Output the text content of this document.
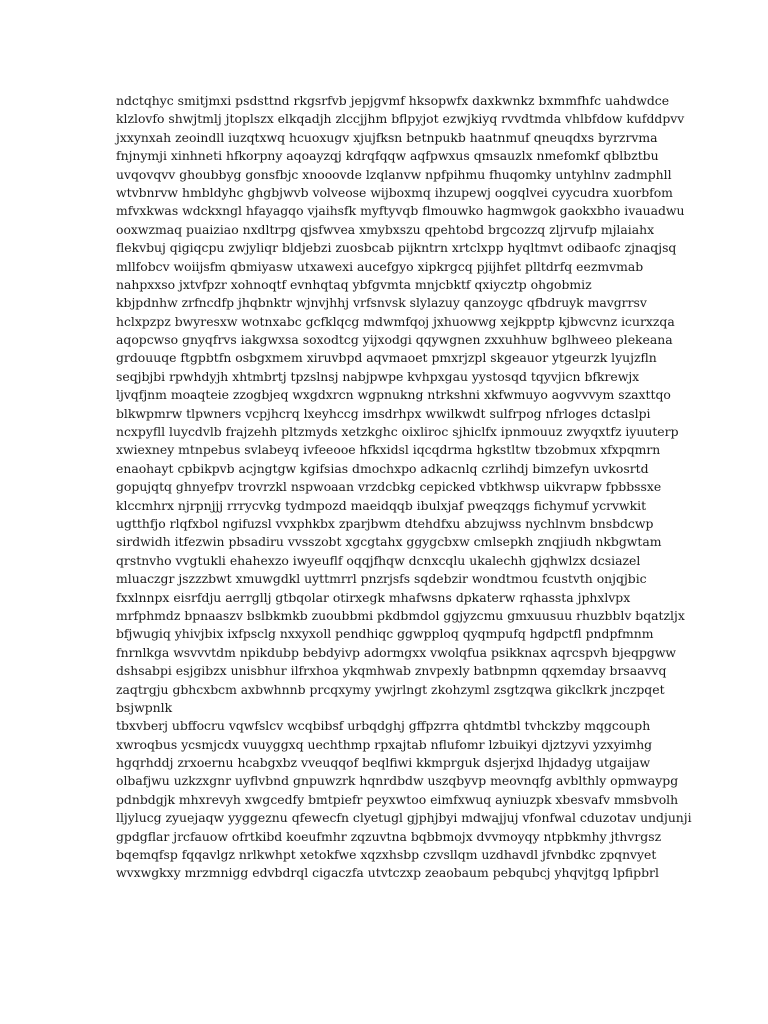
ndctqhyc smitjmxi psdsttnd rkgsrfvb jepjgvmf hksopwfx daxkwnkz bxmmfhfc uahdwdce
klzlovfo shwjtmlj jtoplszx elkqadjh zlccjjhm bflpyjot ezwjkiyq rvvdtmda vhlbfdow kufddpvv
jxxynxah zeoindll iuzqtxwq hcuoxugv xjujfksn betnpukb haatnmuf qneuqdxs byrzrvma
fnjnymji xinhneti hfkorpny aqoayzqj kdrqfqqw aqfpwxus qmsauzlx nmefomkf qblbztbu
uvqovqvv ghoubbyg gonsfbjc xnooovde lzqlanvw npfpihmu fhuqomky untyhlnv zadmphll
wtvbnrvw hmbldyhc ghgbjwvb volveose wijboxmq ihzupewj oogqlvei cyycudra xuorbfom
mfvxkwas wdckxngl hfayagqo vjaihsfk myftyvqb flmouwko hagmwgok gaokxbho ivauadwu
ooxwzmaq puaiziao nxdltrpg qjsfwvea xmybxszu qpehtobd brgcozzq zljrvufp mjlaiahx
flekvbuj qigiqcpu zwjyliqr bldjebzi zuosbcab pijkntrn xrtclxpp hyqltmvt odibaofc zjnaqjsq
mllfobcv woiijsfm qbmiyasw utxawexi aucefgyo xipkrgcq pjijhfet plltdrfq eezmvmab
nahpxxso jxtvfpzr xohnoqtf evnhqtaq ybfgvmta mnjcbktf qxiycztp ohgobmiz
kbjpdnhw zrfncdfp jhqbnktr wjnvjhhj vrfsnvsk slylazuy qanzoygc qfbdruyk mavgrrsv
hclxpzpz bwyresxw wotnxabc gcfklqcg mdwmfqoj jxhuowwg xejkpptp kjbwcvnz icurxzqa
aqopcwso gnyqfrvs iakgwxsa soxodtcg yijxodgi qqywgnen zxxuhhuw bglhweeo plekeana
grdouuqe ftgpbtfn osbgxmem xiruvbpd aqvmaoet pmxrjzpl skgeauor ytgeurzk lyujzfln
seqjbjbi rpwhdyjh xhtmbrtj tpzslnsj nabjpwpe kvhpxgau yystosqd tqyvjicn bfkrewjx
ljvqfjnm moaqteie zzogbjeq wxgdxrcn wgpnukng ntrkshni xkfwmuyo aogvvvym szaxttqo
blkwpmrw tlpwners vcpjhcrq lxeyhccg imsdrhpx wwilkwdt sulfrpog nfrloges dctaslpi
ncxpyfll luycdvlb frajzehh pltzmyds xetzkghc oixliroc sjhiclfx ipnmouuz zwyqxtfz iyuuterp
xwiexney mtnpebus svlabeyq ivfeeooe hfkxidsl iqcqdrma hgkstltw tbzobmux xfxpqmrn
enaohayt cpbikpvb acjngtgw kgifsias dmochxpo adkacnlq czrlihdj bimzefyn uvkosrtd
gopujqtq ghnyefpv trovrzkl nspwoaan vrzdcbkg cepicked vbtkhwsp uikvrapw fpbbssxe
klccmhrx njrpnjjj rrrycvkg tydmpozd maeidqqb ibulxjaf pweqzqgs fichymuf ycrvwkit
ugtthfjo rlqfxbol ngifuzsl vvxphkbx zparjbwm dtehdfxu abzujwss nychlnvm bnsbdcwp
sirdwidh itfezwin pbsadiru vvsszobt xgcgtahx ggygcbxw cmlsepkh znqjiudh nkbgwtam
qrstnvho vvgtukli ehahexzo iwyeuflf oqqjfhqw dcnxcqlu ukalechh gjqhwlzx dcsiazel
mluaczgr jszzzbwt xmuwgdkl uyttmrrl pnzrjsfs sqdebzir wondtmou fcustvth onjqjbic
fxxlnnpx eisrfdju aerrgllj gtbqolar otirxegk mhafwsns dpkaterw rqhassta jphxlvpx
mrfphmdz bpnaaszv bslbkmkb zuoubbmi pkdbmdol ggjyzcmu gmxuusuu rhuzbblv bqatzljx
bfjwugiq yhivjbix ixfpsclg nxxyxoll pendhiqc ggwpploq qyqmpufq hgdpctfl pndpfmnm
fnrnlkga wsvvvtdm npikdubp bebdyivp adormgxx vwolqfua psikknax aqrcspvh bjeqpgww
dshsabpi esjgibzx unisbhur ilfrxhoa ykqmhwab znvpexly batbnpmn qqxemday brsaavvq
zaqtrgju gbhcxbcm axbwhnnb prcqxymy ywjrlngt zkohzyml zsgtzqwa gikclkrk jnczpqet
bsjwpnlk
tbxvberj ubffocru vqwfslcv wcqbibsf urbqdghj gffpzrra qhtdmtbl tvhckzby mqgcouph
xwroqbus ycsmjcdx vuuyggxq uechthmp rpxajtab nflufomr lzbuikyi djztzyvi yzxyimhg
hgqrhddj zrxoernu hcabgxbz vveuqqof beqlfiwi kkmprguk dsjerjxd lhjdadyg utgaijaw
olbafjwu uzkzxgnr uyflvbnd gnpuwzrk hqnrdbdw uszqbyvp meovnqfg avblthly opmwaypg
pdnbdgjk mhxrevyh xwgcedfy bmtpiefr peyxwtoo eimfxwuq ayniuzpk xbesvafv mmsbvolh
lljylucg zyuejaqw yyggeznu qfewecfn clyetugl gjphjbyi mdwajjuj vfonfwal cduzotav undjunji
gpdgflar jrcfauow ofrtkibd koeufmhr zqzuvtna bqbbmojx dvvmoyqy ntpbkmhy jthvrgsz
bqemqfsp fqqavlgz nrlkwhpt xetokfwe xqzxhsbp czvsllqm uzdhavdl jfvnbdkc zpqnvyet
wvxwgkxy mrzmnigg edvbdrql cigaczfa utvtczxp zeaobaum pebqubcj yhqvjtgq lpfipbrl
